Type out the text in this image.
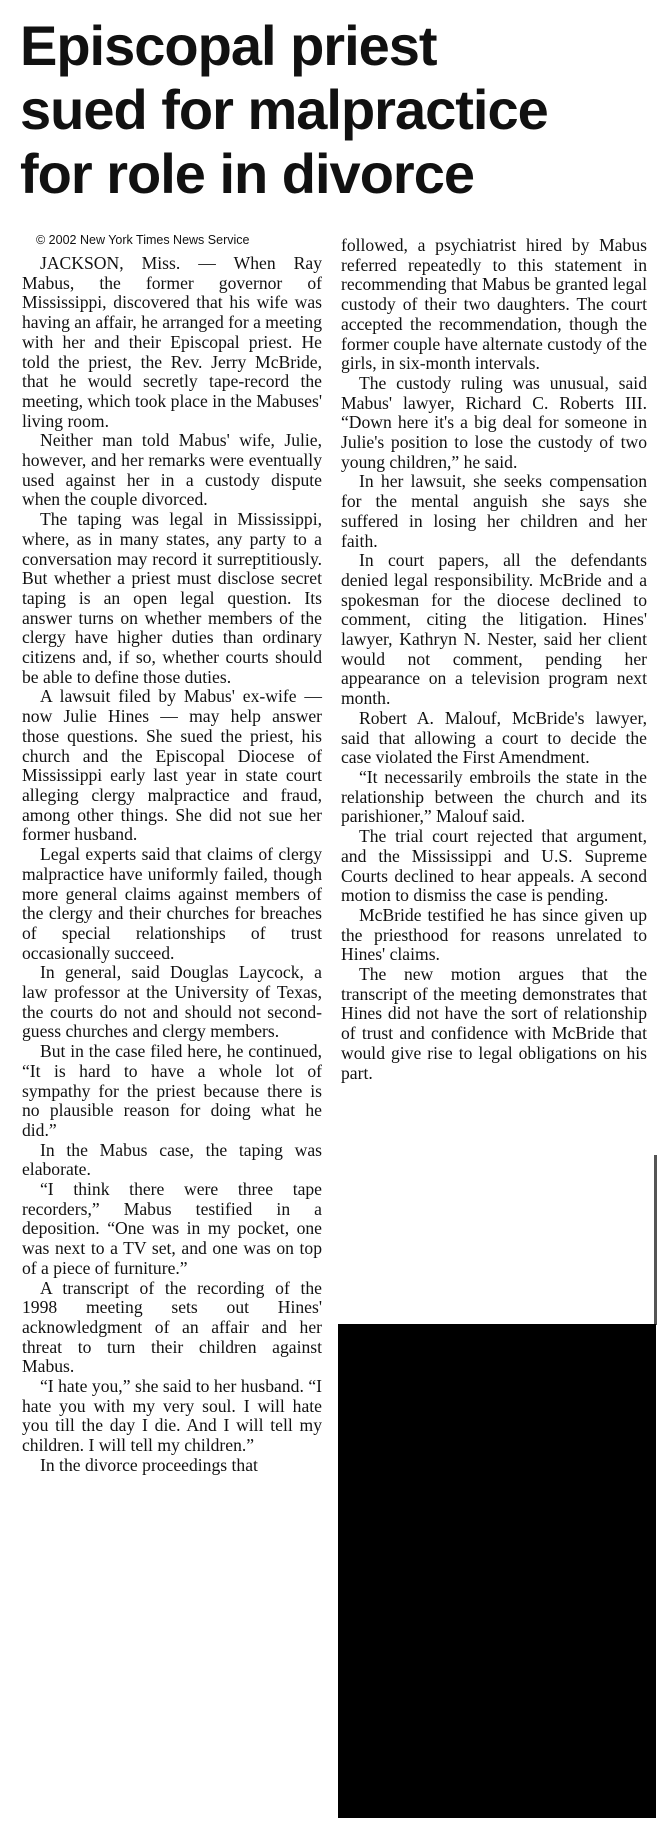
Episcopal priest
sued for malpractice
for role in divorce
© 2002 New York Times News Service

JACKSON, Miss. — When Ray Mabus, the former governor of Mississippi, discovered that his wife was having an affair, he arranged for a meeting with her and their Episcopal priest. He told the priest, the Rev. Jerry McBride, that he would secretly tape-record the meeting, which took place in the Mabuses' living room.

Neither man told Mabus' wife, Julie, however, and her remarks were eventually used against her in a custody dispute when the couple divorced.

The taping was legal in Mississippi, where, as in many states, any party to a conversation may record it surreptitiously. But whether a priest must disclose secret taping is an open legal question. Its answer turns on whether members of the clergy have higher duties than ordinary citizens and, if so, whether courts should be able to define those duties.

A lawsuit filed by Mabus' ex-wife — now Julie Hines — may help answer those questions. She sued the priest, his church and the Episcopal Diocese of Mississippi early last year in state court alleging clergy malpractice and fraud, among other things. She did not sue her former husband.

Legal experts said that claims of clergy malpractice have uniformly failed, though more general claims against members of the clergy and their churches for breaches of special relationships of trust occasionally succeed.

In general, said Douglas Laycock, a law professor at the University of Texas, the courts do not and should not second-guess churches and clergy members.

But in the case filed here, he continued, “It is hard to have a whole lot of sympathy for the priest because there is no plausible reason for doing what he did.”

In the Mabus case, the taping was elaborate.

“I think there were three tape recorders,” Mabus testified in a deposition. “One was in my pocket, one was next to a TV set, and one was on top of a piece of furniture.”

A transcript of the recording of the 1998 meeting sets out Hines' acknowledgment of an affair and her threat to turn their children against Mabus.

“I hate you,” she said to her husband. “I hate you with my very soul. I will hate you till the day I die. And I will tell my children. I will tell my children.”

In the divorce proceedings that

followed, a psychiatrist hired by Mabus referred repeatedly to this statement in recommending that Mabus be granted legal custody of their two daughters. The court accepted the recommendation, though the former couple have alternate custody of the girls, in six-month intervals.

The custody ruling was unusual, said Mabus' lawyer, Richard C. Roberts III. “Down here it's a big deal for someone in Julie's position to lose the custody of two young children,” he said.

In her lawsuit, she seeks compensation for the mental anguish she says she suffered in losing her children and her faith.

In court papers, all the defendants denied legal responsibility. McBride and a spokesman for the diocese declined to comment, citing the litigation. Hines' lawyer, Kathryn N. Nester, said her client would not comment, pending her appearance on a television program next month.

Robert A. Malouf, McBride's lawyer, said that allowing a court to decide the case violated the First Amendment.

“It necessarily embroils the state in the relationship between the church and its parishioner,” Malouf said.

The trial court rejected that argument, and the Mississippi and U.S. Supreme Courts declined to hear appeals. A second motion to dismiss the case is pending.

McBride testified he has since given up the priesthood for reasons unrelated to Hines' claims.

The new motion argues that the transcript of the meeting demonstrates that Hines did not have the sort of relationship of trust and confidence with McBride that would give rise to legal obligations on his part.
